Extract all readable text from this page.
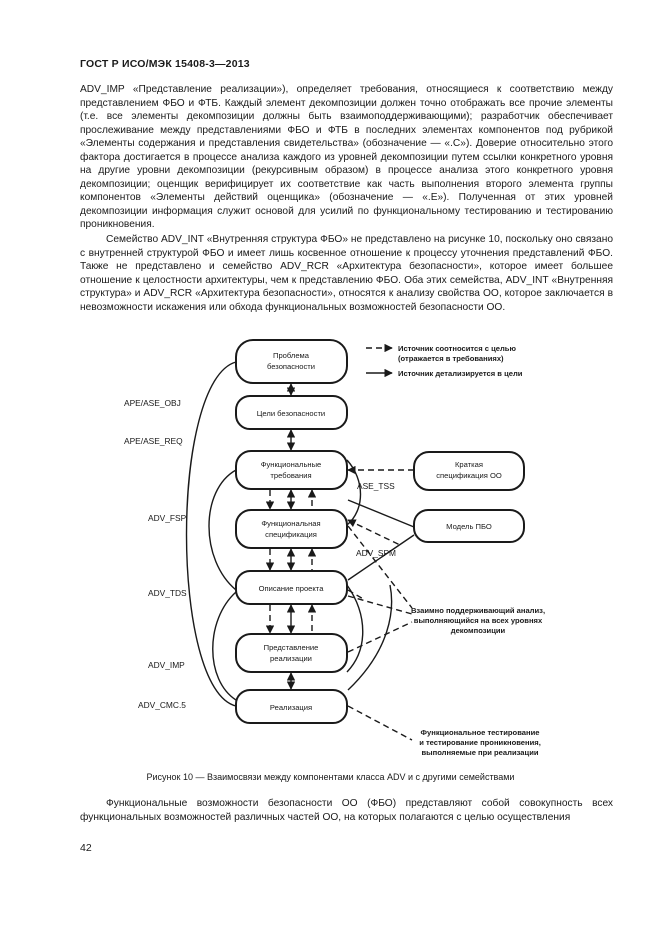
ГОСТ Р ИСО/МЭК 15408-3—2013
ADV_IMP «Представление реализации»), определяет требования, относящиеся к соответствию между представлением ФБО и ФТБ. Каждый элемент декомпозиции должен точно отображать все прочие элементы (т.е. все элементы декомпозиции должны быть взаимоподдерживающими); разработчик обеспечивает прослеживание между представлениями ФБО и ФТБ в последних элементах компонентов под рубрикой «Элементы содержания и представления свидетельства» (обозначение — «.C»). Доверие относительно этого фактора достигается в процессе анализа каждого из уровней декомпозиции путем ссылки конкретного уровня на другие уровни декомпозиции (рекурсивным образом) в процессе анализа этого конкретного уровня декомпозиции; оценщик верифицирует их соответствие как часть выполнения второго элемента группы компонентов «Элементы действий оценщика» (обозначение — «.E»). Полученная от этих уровней декомпозиции информация служит основой для усилий по функциональному тестированию и тестированию проникновения.
Семейство ADV_INT «Внутренняя структура ФБО» не представлено на рисунке 10, поскольку оно связано с внутренней структурой ФБО и имеет лишь косвенное отношение к процессу уточнения представлений ФБО. Также не представлено и семейство ADV_RCR «Архитектура безопасности», которое имеет большее отношение к целостности архитектуры, чем к представлению ФБО. Оба этих семейства, ADV_INT «Внутренняя структура» и ADV_RCR «Архитектура безопасности», относятся к анализу свойства ОО, которое заключается в невозможности искажения или обхода функциональных возможностей безопасности ОО.
Проблема
безопасности
Цели безопасности
Функциональные
требования
Функциональная
спецификация
Описание проекта
Представление
реализации
Реализация
Краткая
спецификация ОО
Модель ПБО
APE/ASE_OBJ
APE/ASE_REQ
ADV_FSP
ADV_TDS
ADV_IMP
ADV_CMC.5
ASE_TSS
ADV_SPM
Источник соотносится с целью
(отражается в требованиях)
Источник детализируется в цели
Взаимно поддерживающий анализ,
выполняющийся на всех уровнях
декомпозиции
Функциональное тестирование
и тестирование проникновения,
выполняемые при реализации
Рисунок 10 — Взаимосвязи между компонентами класса ADV и с другими семействами
Функциональные возможности безопасности ОО (ФБО) представляют собой совокупность всех функциональных возможностей различных частей ОО, на которых полагаются с целью осуществления
42
